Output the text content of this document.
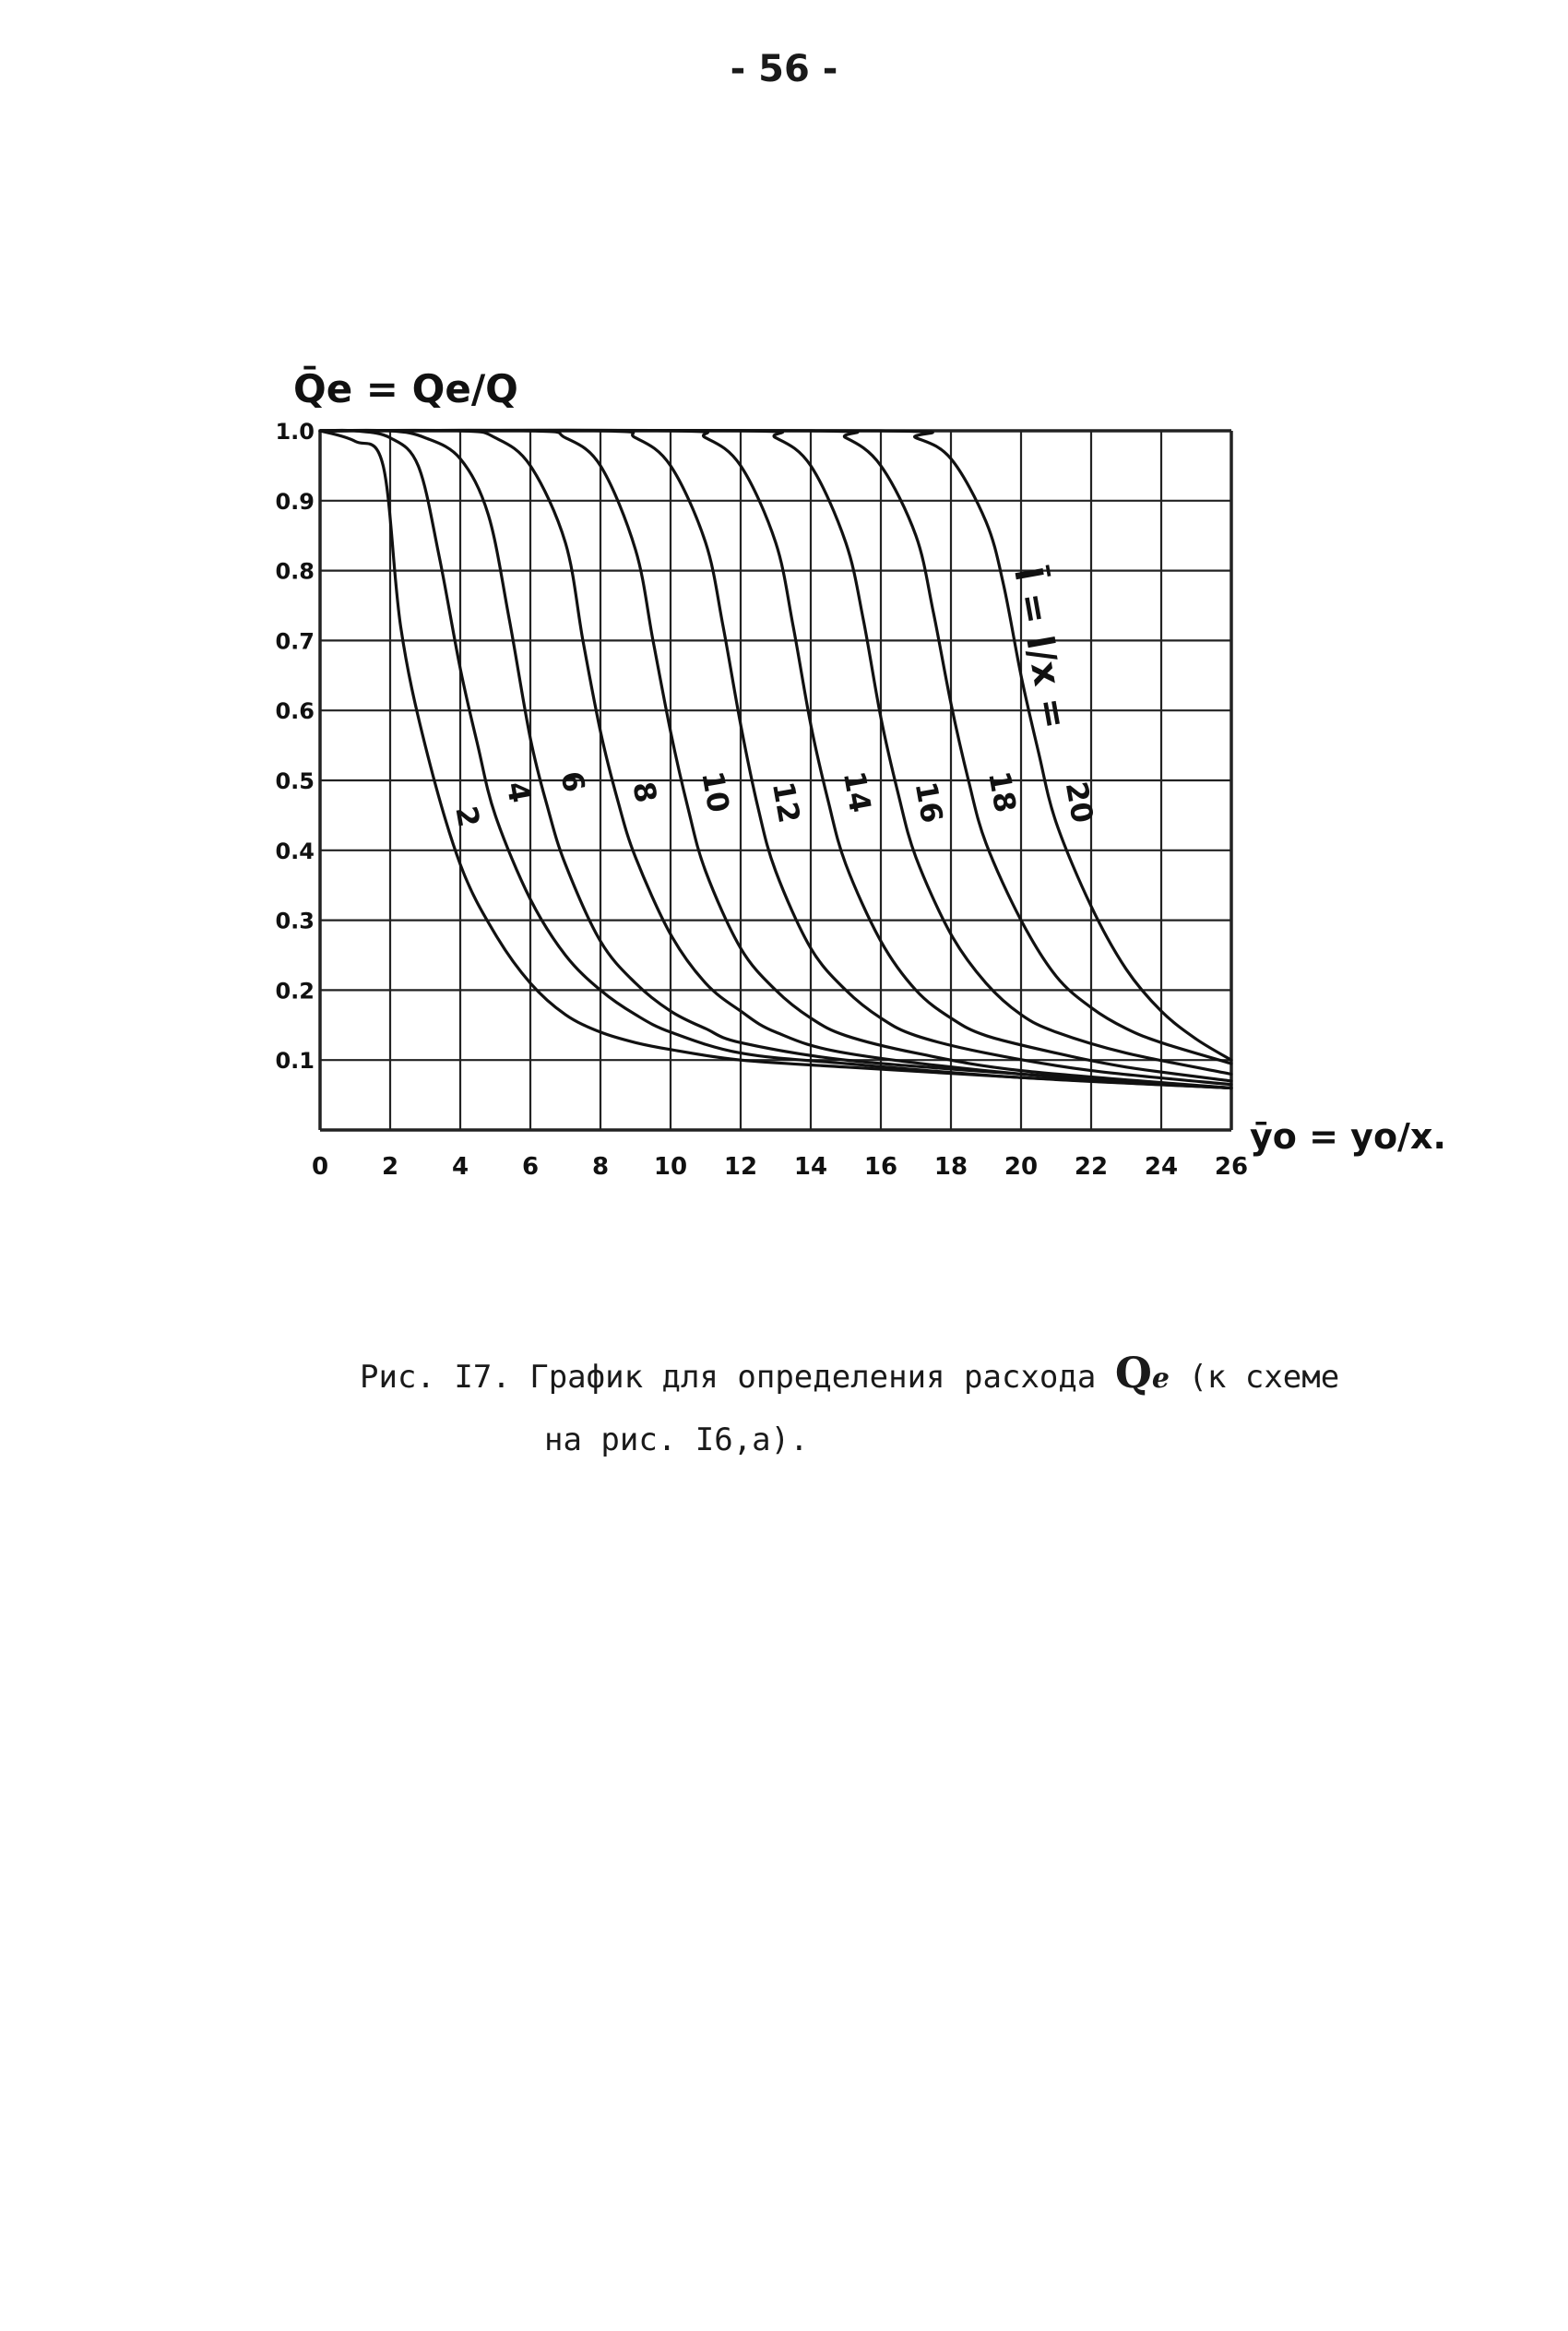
- 56 -
0 2 4 6 8 10 12 14 16 18 20 22 24 26
0.1
0.2
0.3
0.4
0.5
0.6
0.7
0.8
0.9
1.0
2
4 6 8 10 12 14 16 18 20
Q̄e = Qe/Q
ȳo = yo/x.
l̄ = l/x =
Рис. I7. График для определения расхода Qe (к схеме
на рис. I6,а).
